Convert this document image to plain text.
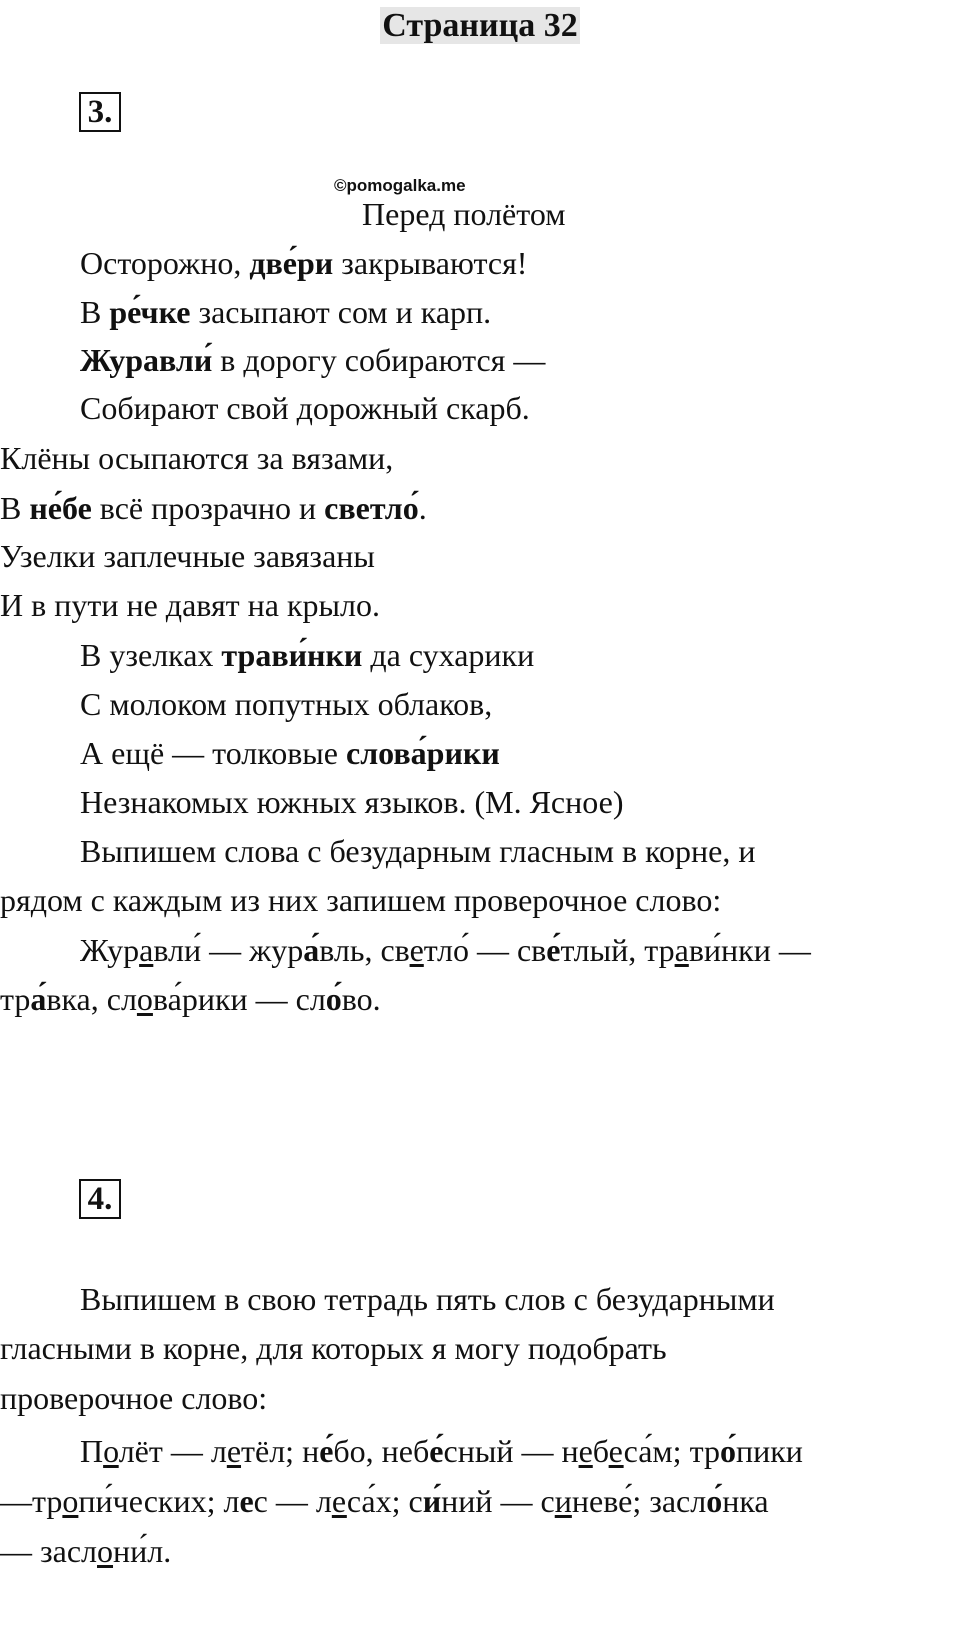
Страница 32
3.
©pomogalka.me
Перед полётом
Осторожно, две́ри закрываются!
В ре́чке засыпают сом и карп.
Журавли́ в дорогу собираются —
Собирают свой дорожный скарб.
Клёны осыпаются за вязами,
В не́бе всё прозрачно и светло́.
Узелки заплечные завязаны
И в пути не давят на крыло.
В узелках трави́нки да сухарики
С молоком попутных облаков,
А ещё — толковые слова́рики
Незнакомых южных языков. (М. Ясное)
Выпишем слова с безударным гласным в корне, и
рядом с каждым из них запишем проверочное слово:
Журавли́ — жура́вль, светло́ — све́тлый, трави́нки —
тра́вка, слова́рики — сло́во.
4.
Выпишем в свою тетрадь пять слов с безударными
гласными в корне, для которых я могу подобрать
проверочное слово:
Полёт — летёл; не́бо, небе́сный — небеса́м; тро́пики
—тропи́ческих; лес — леса́х; си́ний — синеве́; засло́нка
— заслони́л.
